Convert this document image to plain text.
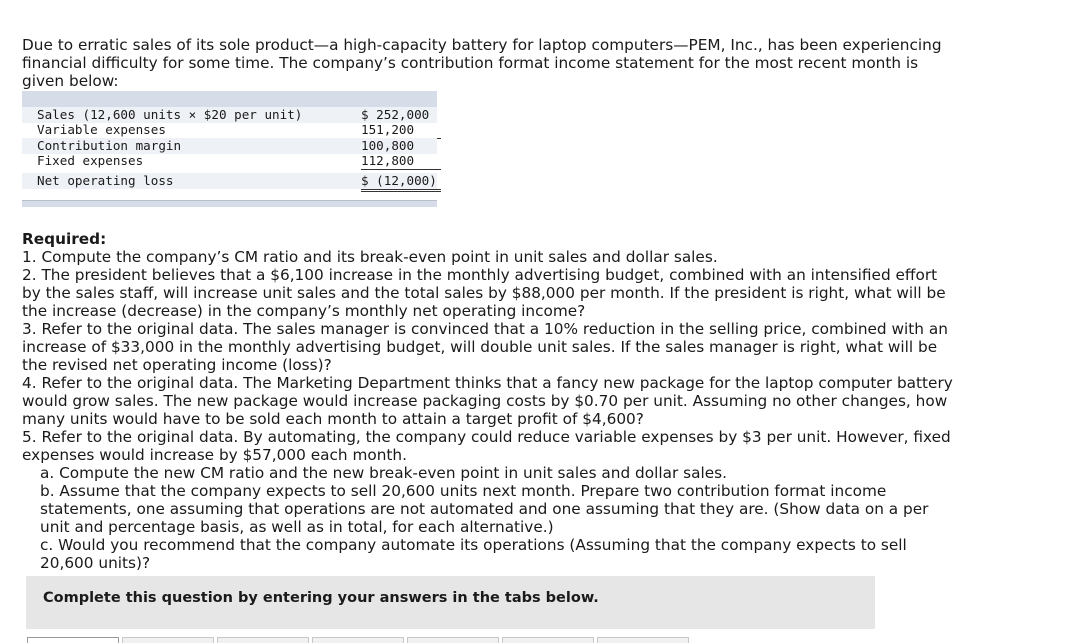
Due to erratic sales of its sole product—a high-capacity battery for laptop computers—PEM, Inc., has been experiencing financial difficulty for some time. The company’s contribution format income statement for the most recent month is given below:

Sales (12,600 units × $20 per unit)	$ 252,000
Variable expenses	151,200
Contribution margin	100,800
Fixed expenses	112,800
Net operating loss	$ (12,000)

Required:

1. Compute the company’s CM ratio and its break-even point in unit sales and dollar sales.

2. The president believes that a $6,100 increase in the monthly advertising budget, combined with an intensified effort by the sales staff, will increase unit sales and the total sales by $88,000 per month. If the president is right, what will be the increase (decrease) in the company’s monthly net operating income?

3. Refer to the original data. The sales manager is convinced that a 10% reduction in the selling price, combined with an increase of $33,000 in the monthly advertising budget, will double unit sales. If the sales manager is right, what will be the revised net operating income (loss)?

4. Refer to the original data. The Marketing Department thinks that a fancy new package for the laptop computer battery would grow sales. The new package would increase packaging costs by $0.70 per unit. Assuming no other changes, how many units would have to be sold each month to attain a target profit of $4,600?

5. Refer to the original data. By automating, the company could reduce variable expenses by $3 per unit. However, fixed expenses would increase by $57,000 each month.

a. Compute the new CM ratio and the new break-even point in unit sales and dollar sales.

b. Assume that the company expects to sell 20,600 units next month. Prepare two contribution format income statements, one assuming that operations are not automated and one assuming that they are. (Show data on a per unit and percentage basis, as well as in total, for each alternative.)

c. Would you recommend that the company automate its operations (Assuming that the company expects to sell 20,600 units)?

Complete this question by entering your answers in the tabs below.
